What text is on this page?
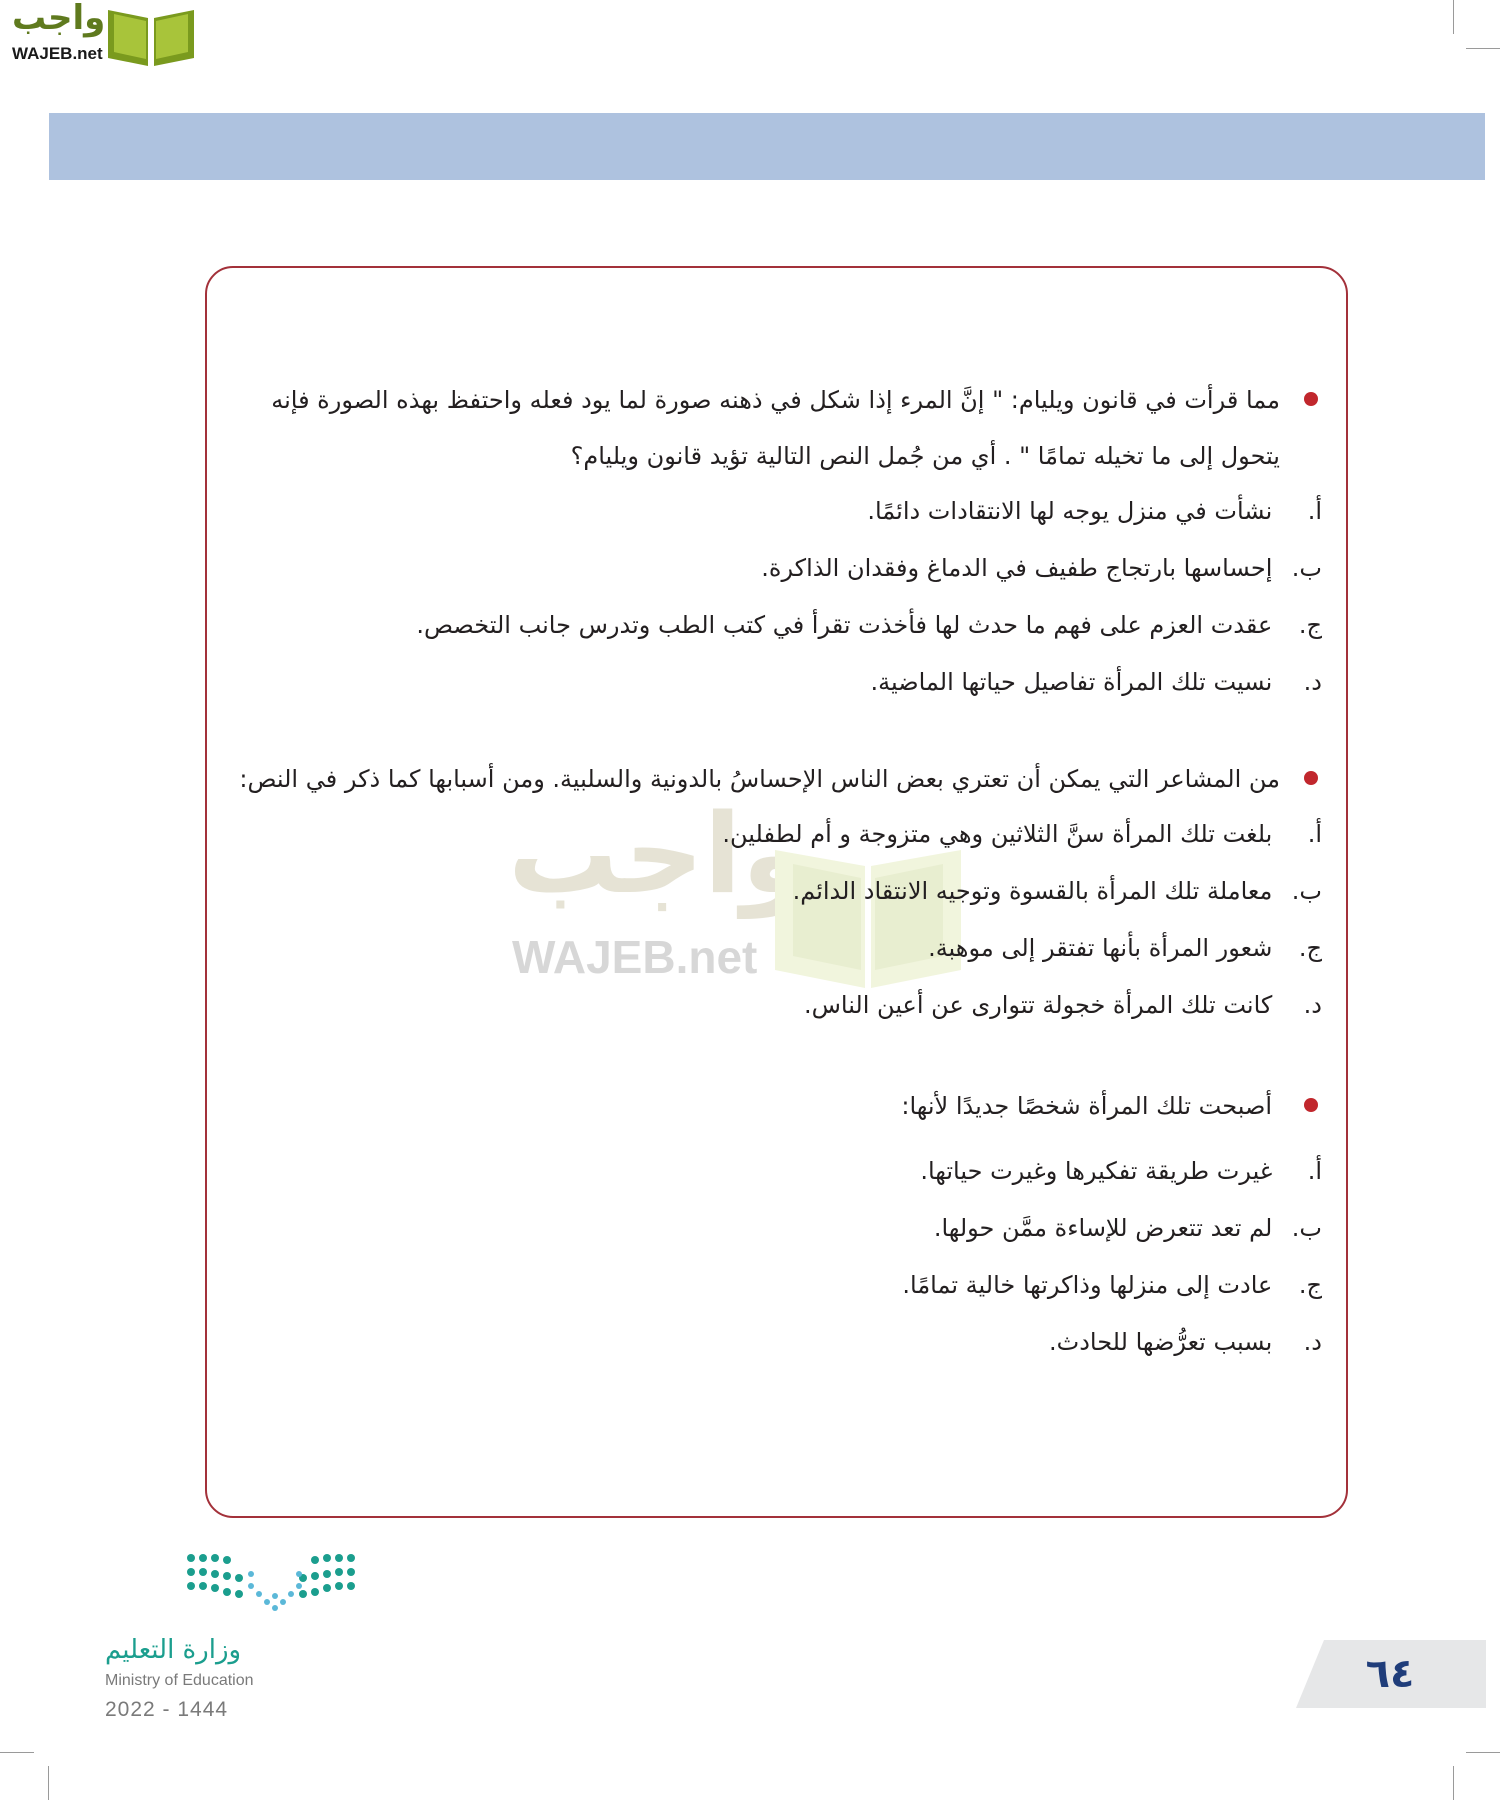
واجب
WAJEB.net
واجب
WAJEB.net
مما قرأت في قانون ويليام: " إنَّ المرء إذا شكل في ذهنه صورة لما يود فعله واحتفظ بهذه الصورة فإنه يتحول إلى ما تخيله تمامًا " . أي من جُمل النص التالية تؤيد قانون ويليام؟
أ. نشأت في منزل يوجه لها الانتقادات دائمًا.
ب. إحساسها بارتجاج طفيف في الدماغ وفقدان الذاكرة.
ج. عقدت العزم على فهم ما حدث لها فأخذت تقرأ في كتب الطب وتدرس جانب التخصص.
د. نسيت تلك المرأة تفاصيل حياتها الماضية.
من المشاعر التي يمكن أن تعتري بعض الناس الإحساسُ بالدونية والسلبية. ومن أسبابها كما ذكر في النص:
أ. بلغت تلك المرأة سنَّ الثلاثين وهي متزوجة و أم لطفلين.
ب. معاملة تلك المرأة بالقسوة وتوجيه الانتقاد الدائم.
ج. شعور المرأة بأنها تفتقر إلى موهبة.
د. كانت تلك المرأة خجولة تتوارى عن أعين الناس.
أصبحت تلك المرأة شخصًا جديدًا لأنها:
أ. غيرت طريقة تفكيرها وغيرت حياتها.
ب. لم تعد تتعرض للإساءة ممَّن حولها.
ج. عادت إلى منزلها وذاكرتها خالية تمامًا.
د. بسبب تعرُّضها للحادث.
وزارة التعليم
Ministry of Education
2022 - 1444
٦٤
